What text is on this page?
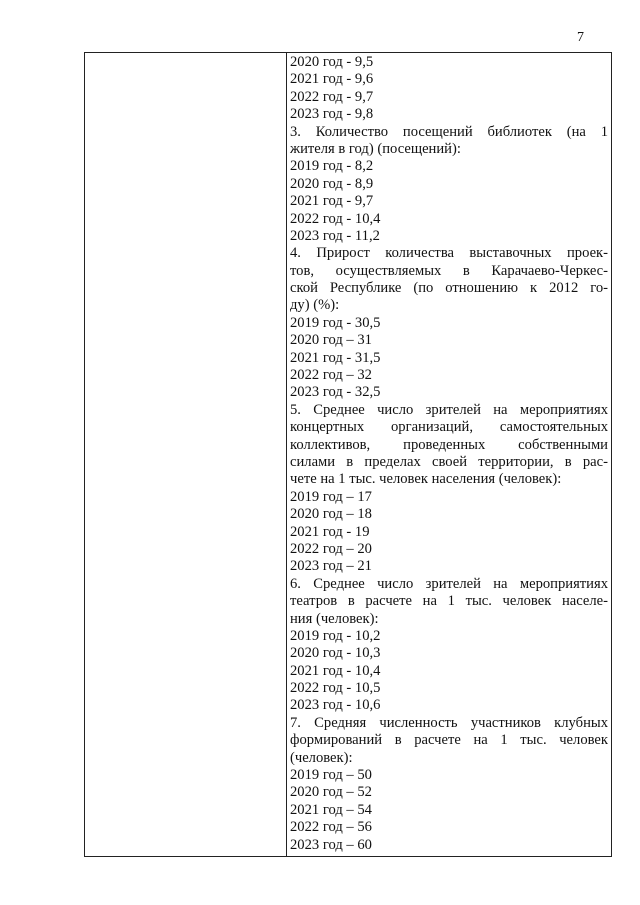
7
2020 год - 9,5
2021 год - 9,6
2022 год - 9,7
2023 год - 9,8
3. Количество посещений библиотек (на 1
жителя в год) (посещений):
2019 год - 8,2
2020 год - 8,9
2021 год - 9,7
2022 год - 10,4
2023 год - 11,2
4. Прирост количества выставочных проек-
тов, осуществляемых в Карачаево-Черкес-
ской Республике (по отношению к 2012 го-
ду) (%):
2019 год - 30,5
2020 год – 31
2021 год - 31,5
2022 год – 32
2023 год - 32,5
5. Среднее число зрителей на мероприятиях
концертных организаций, самостоятельных
коллективов, проведенных собственными
силами в пределах своей территории, в рас-
чете на 1 тыс. человек населения (человек):
2019 год – 17
2020 год – 18
2021 год - 19
2022 год – 20
2023 год – 21
6. Среднее число зрителей на мероприятиях
театров в расчете на 1 тыс. человек населе-
ния (человек):
2019 год - 10,2
2020 год - 10,3
2021 год - 10,4
2022 год - 10,5
2023 год - 10,6
7. Средняя численность участников клубных
формирований в расчете на 1 тыс. человек
(человек):
2019 год – 50
2020 год – 52
2021 год – 54
2022 год – 56
2023 год – 60
